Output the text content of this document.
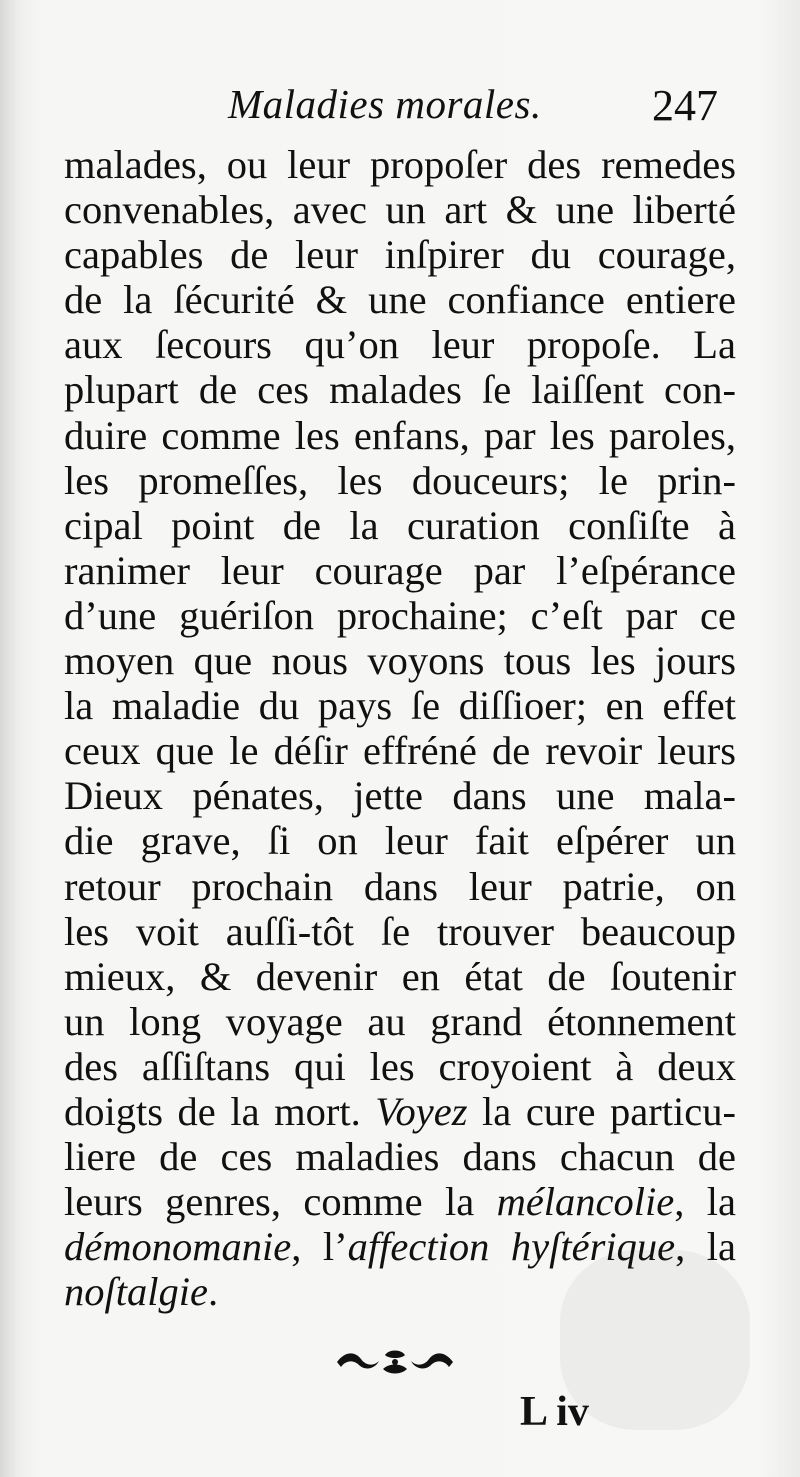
Maladies morales.	247
malades, ou leur propoſer des remedes
convenables, avec un art & une liberté
capables de leur inſpirer du courage,
de la ſécurité & une confiance entiere
aux ſecours qu’on leur propoſe. La
plupart de ces malades ſe laiſſent con-
duire comme les enfans, par les paroles,
les promeſſes, les douceurs; le prin-
cipal point de la curation conſiſte à
ranimer leur courage par l’eſpérance
d’une guériſon prochaine; c’eſt par ce
moyen que nous voyons tous les jours
la maladie du pays ſe diſſioer; en effet
ceux que le déſir effréné de revoir leurs
Dieux pénates, jette dans une mala-
die grave, ſi on leur fait eſpérer un
retour prochain dans leur patrie, on
les voit auſſi-tôt ſe trouver beaucoup
mieux, & devenir en état de ſoutenir
un long voyage au grand étonnement
des aſſiſtans qui les croyoient à deux
doigts de la mort. Voyez la cure particu-
liere de ces maladies dans chacun de
leurs genres, comme la mélancolie, la
démonomanie, l’affection hyſtérique, la
noſtalgie.
L iv
